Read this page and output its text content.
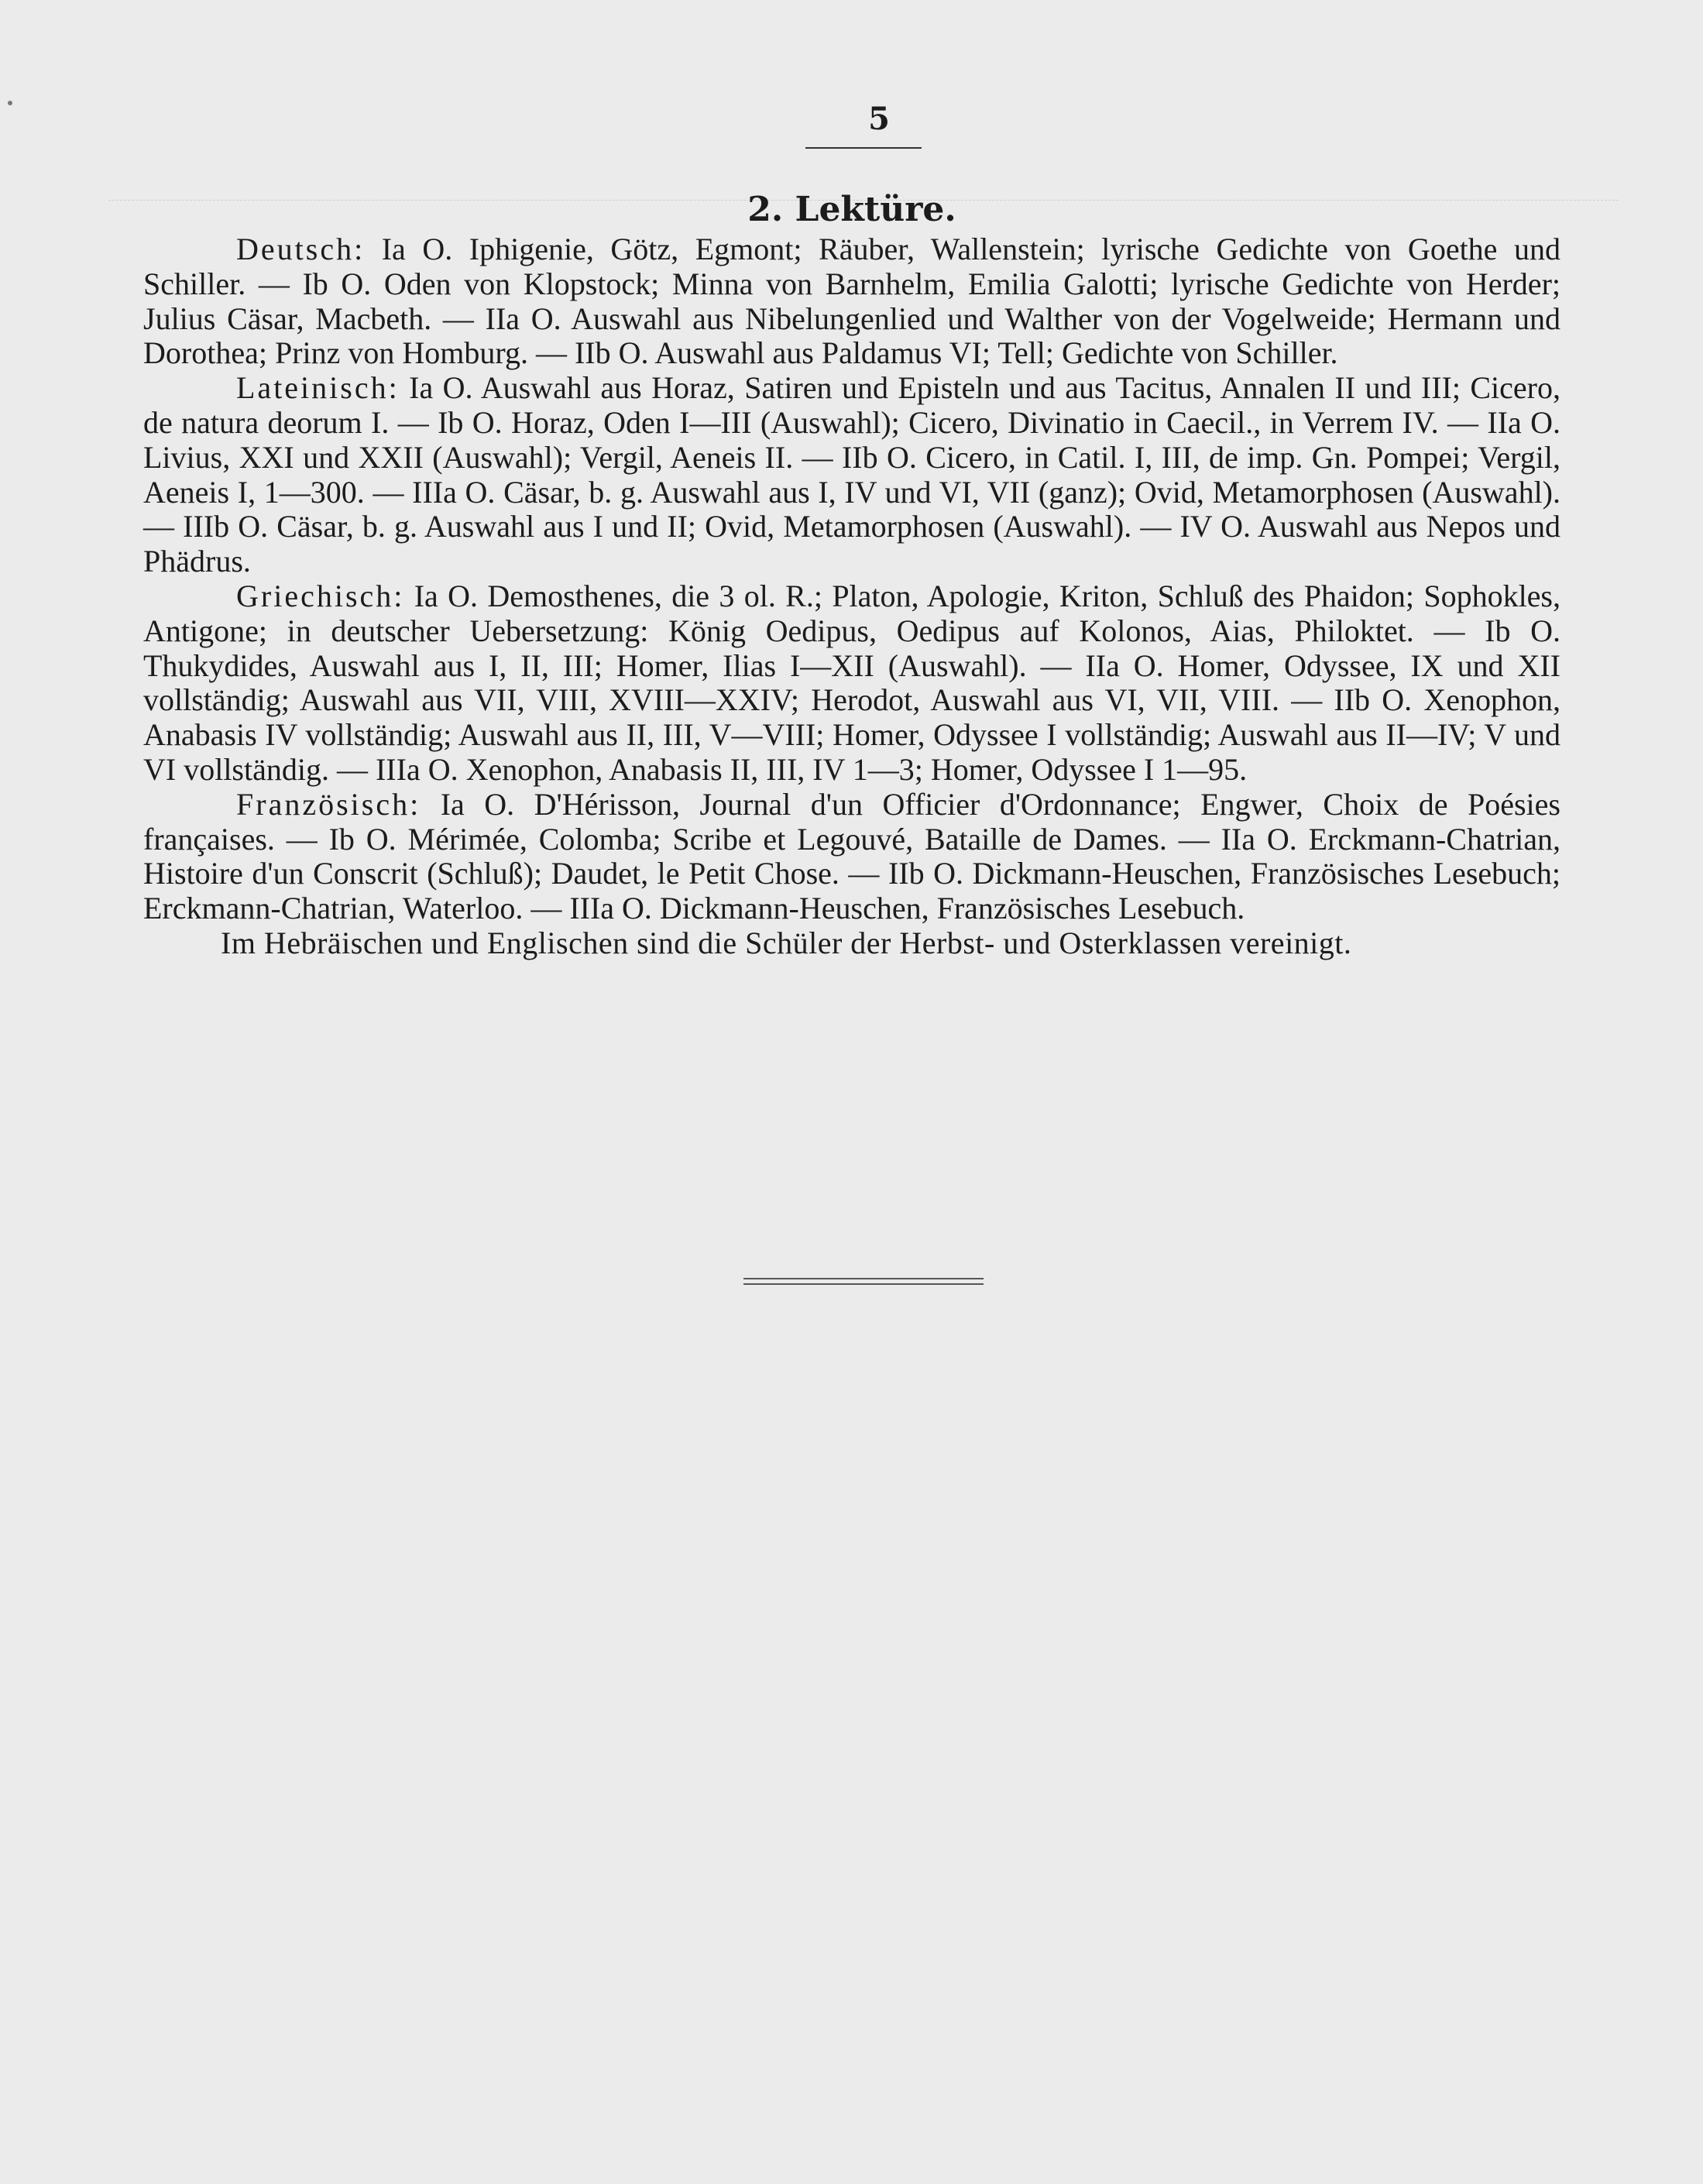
5
2. Lektüre.

Deutsch: Ia O. Iphigenie, Götz, Egmont; Räuber, Wallenstein; lyrische Gedichte von Goethe und Schiller. — Ib O. Oden von Klopstock; Minna von Barnhelm, Emilia Galotti; lyrische Gedichte von Herder; Julius Cäsar, Macbeth. — IIa O. Auswahl aus Nibelungenlied und Walther von der Vogelweide; Hermann und Dorothea; Prinz von Homburg. — IIb O. Auswahl aus Paldamus VI; Tell; Gedichte von Schiller.

Lateinisch: Ia O. Auswahl aus Horaz, Satiren und Episteln und aus Tacitus, Annalen II und III; Cicero, de natura deorum I. — Ib O. Horaz, Oden I—III (Auswahl); Cicero, Divinatio in Caecil., in Verrem IV. — IIa O. Livius, XXI und XXII (Auswahl); Vergil, Aeneis II. — IIb O. Cicero, in Catil. I, III, de imp. Gn. Pompei; Vergil, Aeneis I, 1—300. — IIIa O. Cäsar, b. g. Auswahl aus I, IV und VI, VII (ganz); Ovid, Metamorphosen (Auswahl). — IIIb O. Cäsar, b. g. Auswahl aus I und II; Ovid, Metamorphosen (Auswahl). — IV O. Auswahl aus Nepos und Phädrus.

Griechisch: Ia O. Demosthenes, die 3 ol. R.; Platon, Apologie, Kriton, Schluß des Phaidon; Sophokles, Antigone; in deutscher Uebersetzung: König Oedipus, Oedipus auf Kolonos, Aias, Philoktet. — Ib O. Thukydides, Auswahl aus I, II, III; Homer, Ilias I—XII (Auswahl). — IIa O. Homer, Odyssee, IX und XII vollständig; Auswahl aus VII, VIII, XVIII—XXIV; Herodot, Auswahl aus VI, VII, VIII. — IIb O. Xenophon, Anabasis IV vollständig; Auswahl aus II, III, V—VIII; Homer, Odyssee I vollständig; Auswahl aus II—IV; V und VI vollständig. — IIIa O. Xenophon, Anabasis II, III, IV 1—3; Homer, Odyssee I 1—95.

Französisch: Ia O. D'Hérisson, Journal d'un Officier d'Ordonnance; Engwer, Choix de Poésies françaises. — Ib O. Mérimée, Colomba; Scribe et Legouvé, Bataille de Dames. — IIa O. Erckmann-Chatrian, Histoire d'un Conscrit (Schluß); Daudet, le Petit Chose. — IIb O. Dickmann-Heuschen, Französisches Lesebuch; Erckmann-Chatrian, Waterloo. — IIIa O. Dickmann-Heuschen, Französisches Lesebuch.

Im Hebräischen und Englischen sind die Schüler der Herbst- und Osterklassen vereinigt.
